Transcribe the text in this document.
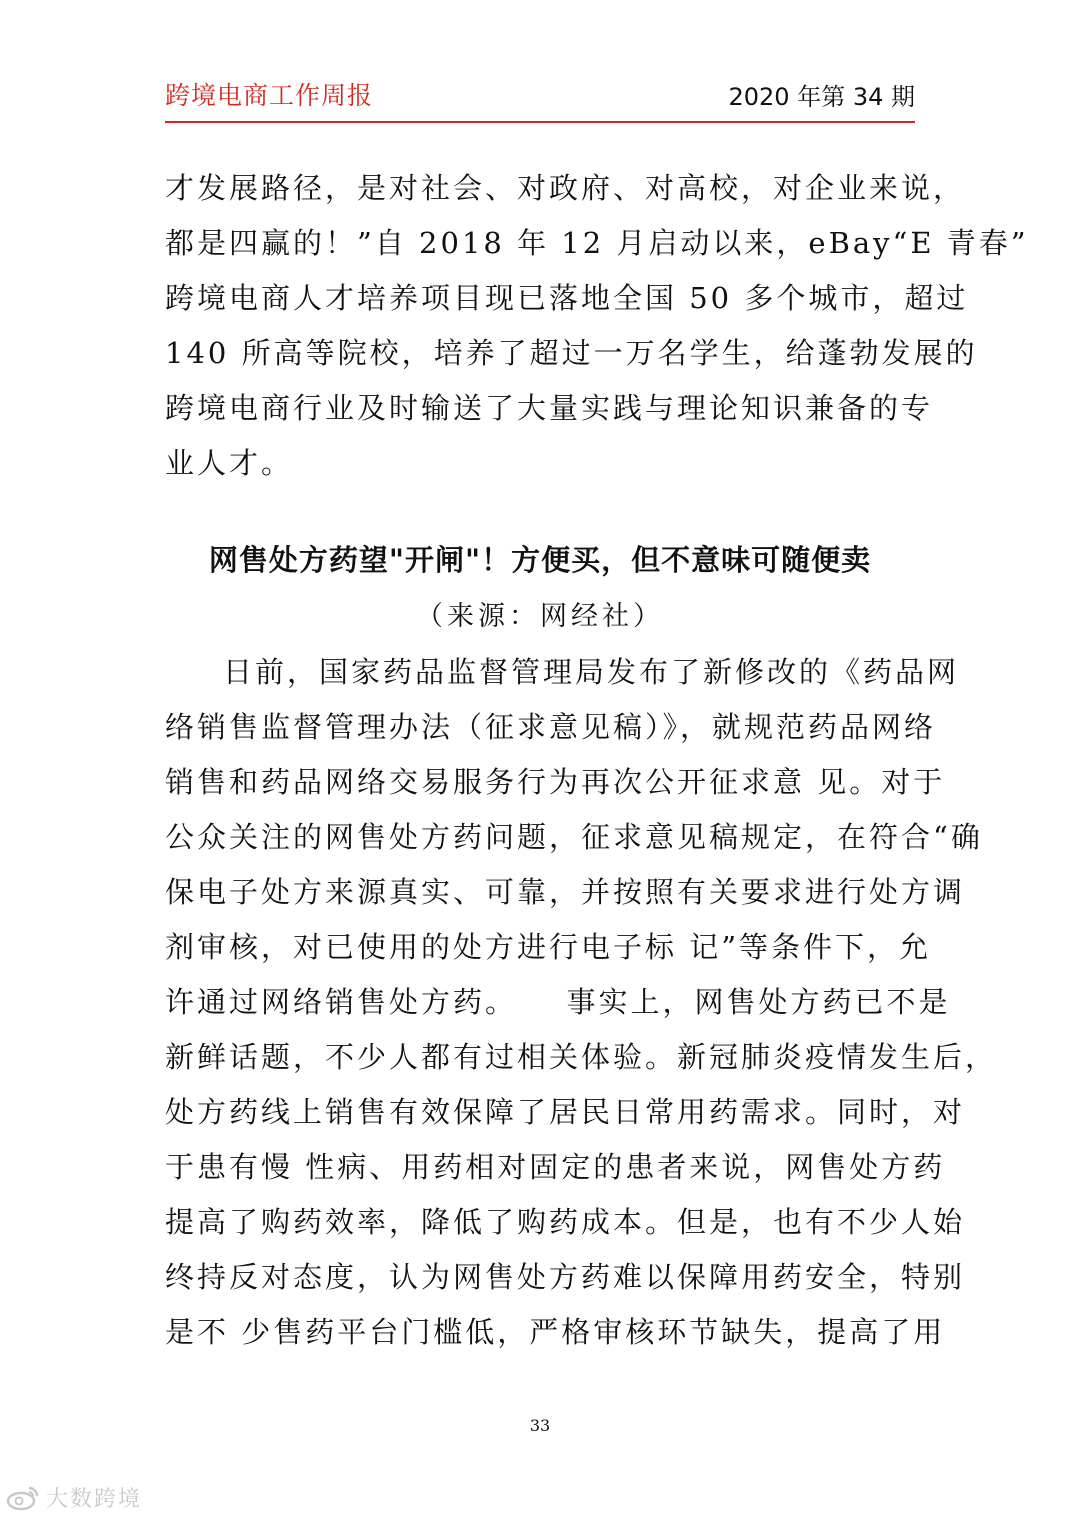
跨境电商工作周报	2020 年第 34 期
才发展路径，是对社会、对政府、对高校，对企业来说，
都是四赢的！”自 2018 年 12 月启动以来，eBay“E 青春”
跨境电商人才培养项目现已落地全国 50 多个城市，超过
140 所高等院校，培养了超过一万名学生，给蓬勃发展的
跨境电商行业及时输送了大量实践与理论知识兼备的专
业人才。
网售处方药望"开闸"！方便买，但不意味可随便卖
（来源：网经社）
日前，国家药品监督管理局发布了新修改的《药品网
络销售监督管理办法（征求意见稿）》，就规范药品网络
销售和药品网络交易服务行为再次公开征求意 见。对于
公众关注的网售处方药问题，征求意见稿规定，在符合“确
保电子处方来源真实、可靠，并按照有关要求进行处方调
剂审核，对已使用的处方进行电子标 记”等条件下，允
许通过网络销售处方药。　　事实上，网售处方药已不是
新鲜话题，不少人都有过相关体验。新冠肺炎疫情发生后，
处方药线上销售有效保障了居民日常用药需求。同时，对
于患有慢 性病、用药相对固定的患者来说，网售处方药
提高了购药效率，降低了购药成本。但是，也有不少人始
终持反对态度，认为网售处方药难以保障用药安全，特别
是不 少售药平台门槛低，严格审核环节缺失，提高了用
33
大数跨境
